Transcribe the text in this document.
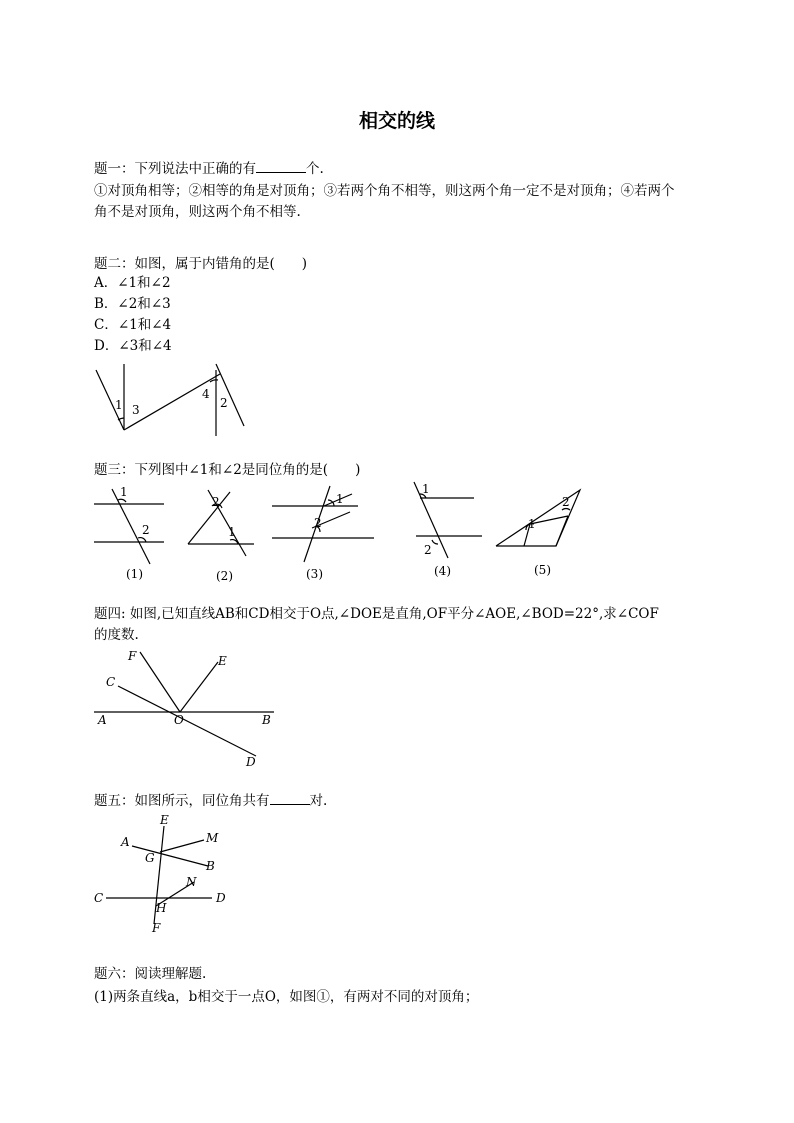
相交的线
题一：下列说法中正确的有	个.
①对顶角相等；②相等的角是对顶角；③若两个角不相等，则这两个角一定不是对顶角；④若两个
角不是对顶角，则这两个角不相等.
题二：如图，属于内错角的是(　　)
A．∠1和∠2
B．∠2和∠3
C．∠1和∠4
D．∠3和∠4
1 3
4
2
题三：下列图中∠1和∠2是同位角的是(　　)
1
2
(1)
2
1
(2)
1
2
(3)
1
2
(4)
1
2
(5)
题四: 如图,已知直线AB和CD相交于O点,∠DOE是直角,OF平分∠AOE,∠BOD=22°,求∠COF
的度数.
F	E
C
A	O	B
D
题五：如图所示，同位角共有	对.
E
M
A
G
B
N
C
H
D
F
题六：阅读理解题.
(1)两条直线a，b相交于一点O，如图①，有两对不同的对顶角；
